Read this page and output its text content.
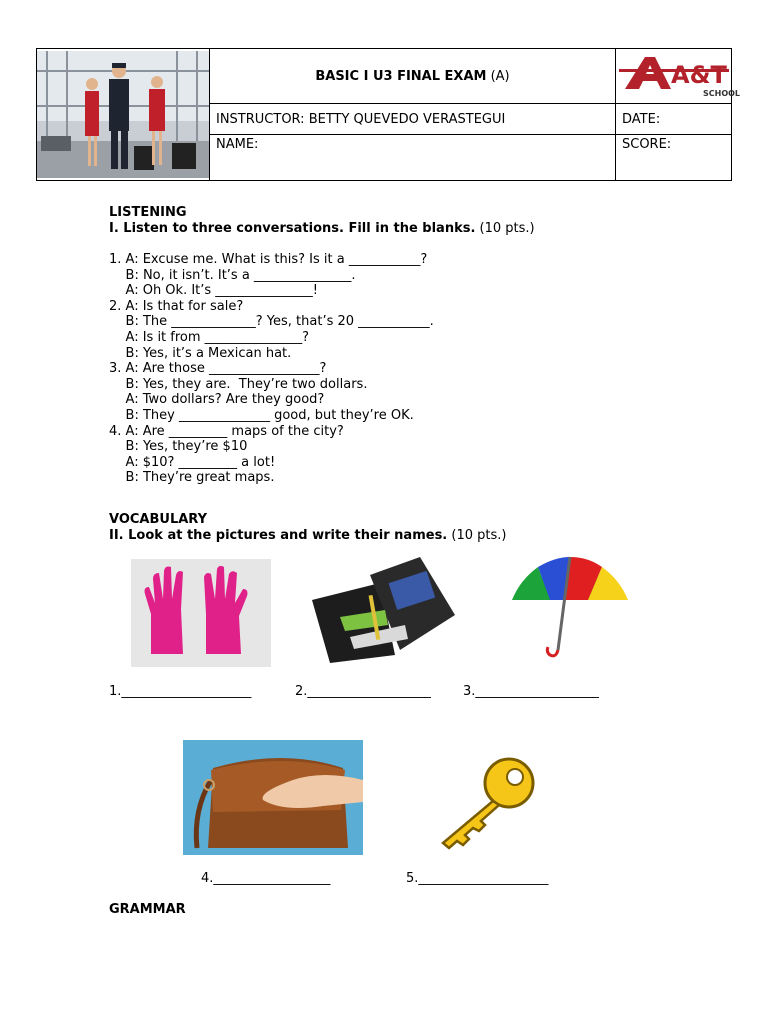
	BASIC I U3 FINAL EXAM (A)	A&T
SCHOOL

	INSTRUCTOR: BETTY QUEVEDO VERASTEGUI	DATE:
	NAME:	SCORE:
LISTENING
I. Listen to three conversations. Fill in the blanks. (10 pts.)
1. A: Excuse me. What is this? Is it a ___________?
B: No, it isn’t. It’s a _______________.
A: Oh Ok. It’s _______________!
2. A: Is that for sale?
B: The _____________? Yes, that’s 20 ___________.
A: Is it from _______________?
B: Yes, it’s a Mexican hat.
3. A: Are those _________________?
B: Yes, they are.  They’re two dollars.
A: Two dollars? Are they good?
B: They ______________ good, but they’re OK.
4. A: Are _________ maps of the city?
B: Yes, they’re $10
A: $10? _________ a lot!
B: They’re great maps.
VOCABULARY
II. Look at the pictures and write their names. (10 pts.)
1.____________________	2.___________________ 3.___________________
4.__________________	5.____________________
GRAMMAR
